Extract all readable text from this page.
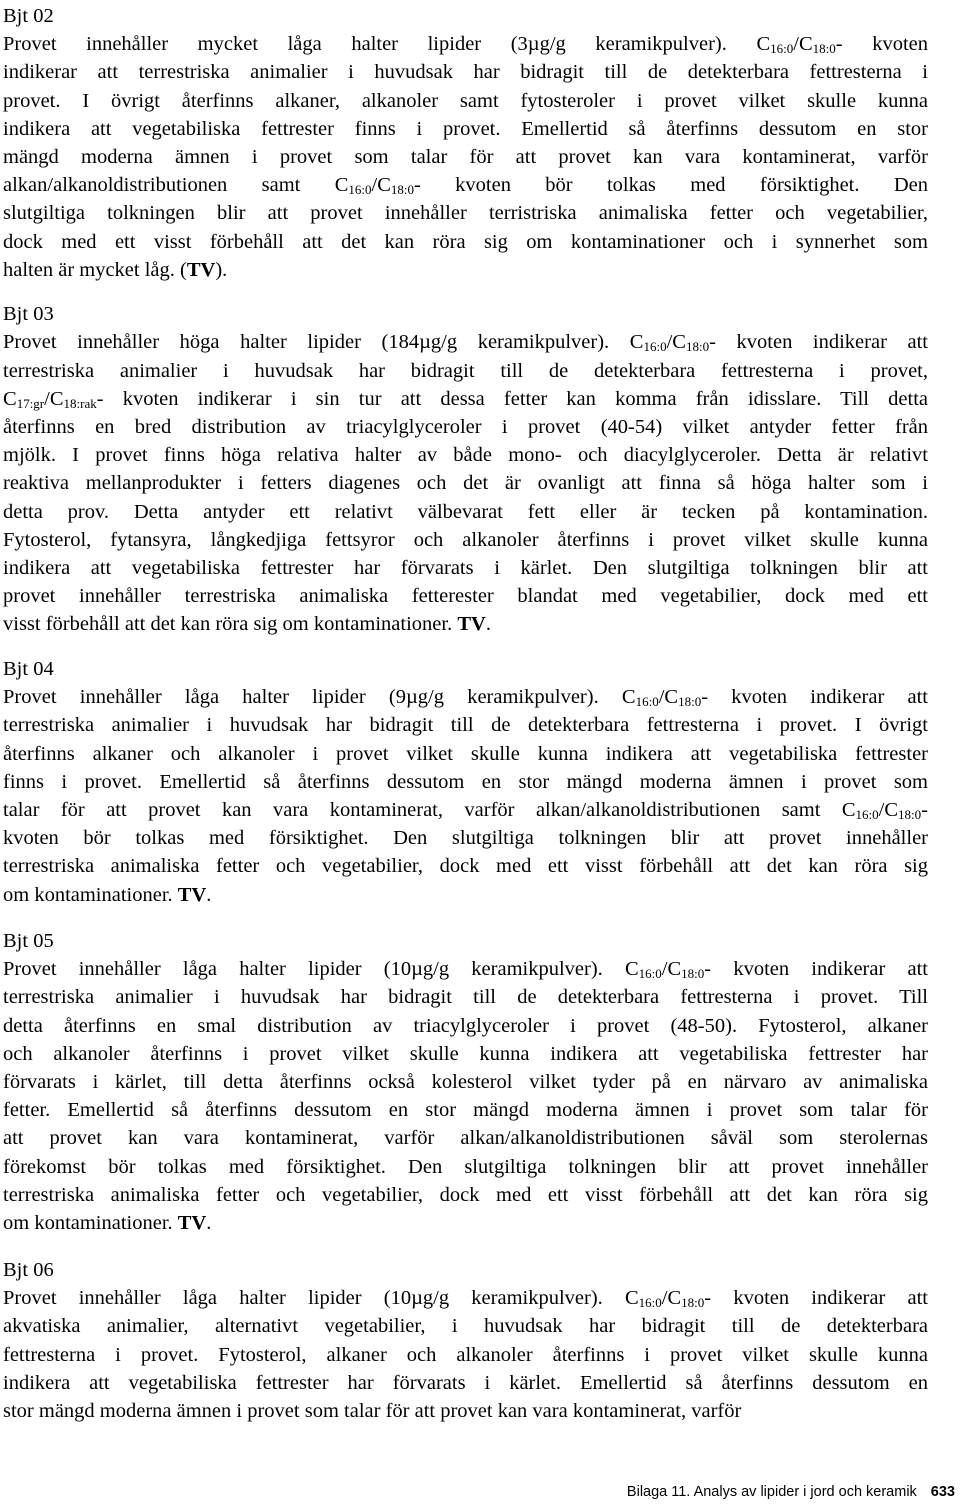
Bjt 02
Provet innehåller mycket låga halter lipider (3µg/g keramikpulver). $C_{16:0}/C_{18:0}-$ kvoten
indikerar att terrestriska animalier i huvudsak har bidragit till de detekterbara fettresterna i
provet. I övrigt återfinns alkaner, alkanoler samt fytosteroler i provet vilket skulle kunna
indikera att vegetabiliska fettrester finns i provet. Emellertid så återfinns dessutom en stor
mängd moderna ämnen i provet som talar för att provet kan vara kontaminerat, varför
alkan/alkanoldistributionen samt $C_{16:0}/C_{18:0}-$ kvoten bör tolkas med försiktighet. Den
slutgiltiga tolkningen blir att provet innehåller terristriska animaliska fetter och vegetabilier,
dock med ett visst förbehåll att det kan röra sig om kontaminationer och i synnerhet som
halten är mycket låg. (TV).
Bjt 03
Provet innehåller höga halter lipider (184µg/g keramikpulver). $C_{16:0}/C_{18:0}-$ kvoten indikerar att
terrestriska animalier i huvudsak har bidragit till de detekterbara fettresterna i provet,
$C_{17:gr}/C_{18:rak}-$ kvoten indikerar i sin tur att dessa fetter kan komma från idisslare. Till detta
återfinns en bred distribution av triacylglyceroler i provet (40-54) vilket antyder fetter från
mjölk. I provet finns höga relativa halter av både mono- och diacylglyceroler. Detta är relativt
reaktiva mellanprodukter i fetters diagenes och det är ovanligt att finna så höga halter som i
detta prov. Detta antyder ett relativt välbevarat fett eller är tecken på kontamination.
Fytosterol, fytansyra, långkedjiga fettsyror och alkanoler återfinns i provet vilket skulle kunna
indikera att vegetabiliska fettrester har förvarats i kärlet. Den slutgiltiga tolkningen blir att
provet innehåller terrestriska animaliska fetterester blandat med vegetabilier, dock med ett
visst förbehåll att det kan röra sig om kontaminationer. TV.
Bjt 04
Provet innehåller låga halter lipider (9µg/g keramikpulver). $C_{16:0}/C_{18:0}-$ kvoten indikerar att
terrestriska animalier i huvudsak har bidragit till de detekterbara fettresterna i provet. I övrigt
återfinns alkaner och alkanoler i provet vilket skulle kunna indikera att vegetabiliska fettrester
finns i provet. Emellertid så återfinns dessutom en stor mängd moderna ämnen i provet som
talar för att provet kan vara kontaminerat, varför alkan/alkanoldistributionen samt $C_{16:0}/C_{18:0}-$
kvoten bör tolkas med försiktighet. Den slutgiltiga tolkningen blir att provet innehåller
terrestriska animaliska fetter och vegetabilier, dock med ett visst förbehåll att det kan röra sig
om kontaminationer. TV.
Bjt 05
Provet innehåller låga halter lipider (10µg/g keramikpulver). $C_{16:0}/C_{18:0}-$ kvoten indikerar att
terrestriska animalier i huvudsak har bidragit till de detekterbara fettresterna i provet. Till
detta återfinns en smal distribution av triacylglyceroler i provet (48-50). Fytosterol, alkaner
och alkanoler återfinns i provet vilket skulle kunna indikera att vegetabiliska fettrester har
förvarats i kärlet, till detta återfinns också kolesterol vilket tyder på en närvaro av animaliska
fetter. Emellertid så återfinns dessutom en stor mängd moderna ämnen i provet som talar för
att provet kan vara kontaminerat, varför alkan/alkanoldistributionen såväl som sterolernas
förekomst bör tolkas med försiktighet. Den slutgiltiga tolkningen blir att provet innehåller
terrestriska animaliska fetter och vegetabilier, dock med ett visst förbehåll att det kan röra sig
om kontaminationer. TV.
Bjt 06
Provet innehåller låga halter lipider (10µg/g keramikpulver). $C_{16:0}/C_{18:0}-$ kvoten indikerar att
akvatiska animalier, alternativt vegetabilier, i huvudsak har bidragit till de detekterbara
fettresterna i provet. Fytosterol, alkaner och alkanoler återfinns i provet vilket skulle kunna
indikera att vegetabiliska fettrester har förvarats i kärlet. Emellertid så återfinns dessutom en
stor mängd moderna ämnen i provet som talar för att provet kan vara kontaminerat, varför
Bilaga 11. Analys av lipider i jord och keramik 633
